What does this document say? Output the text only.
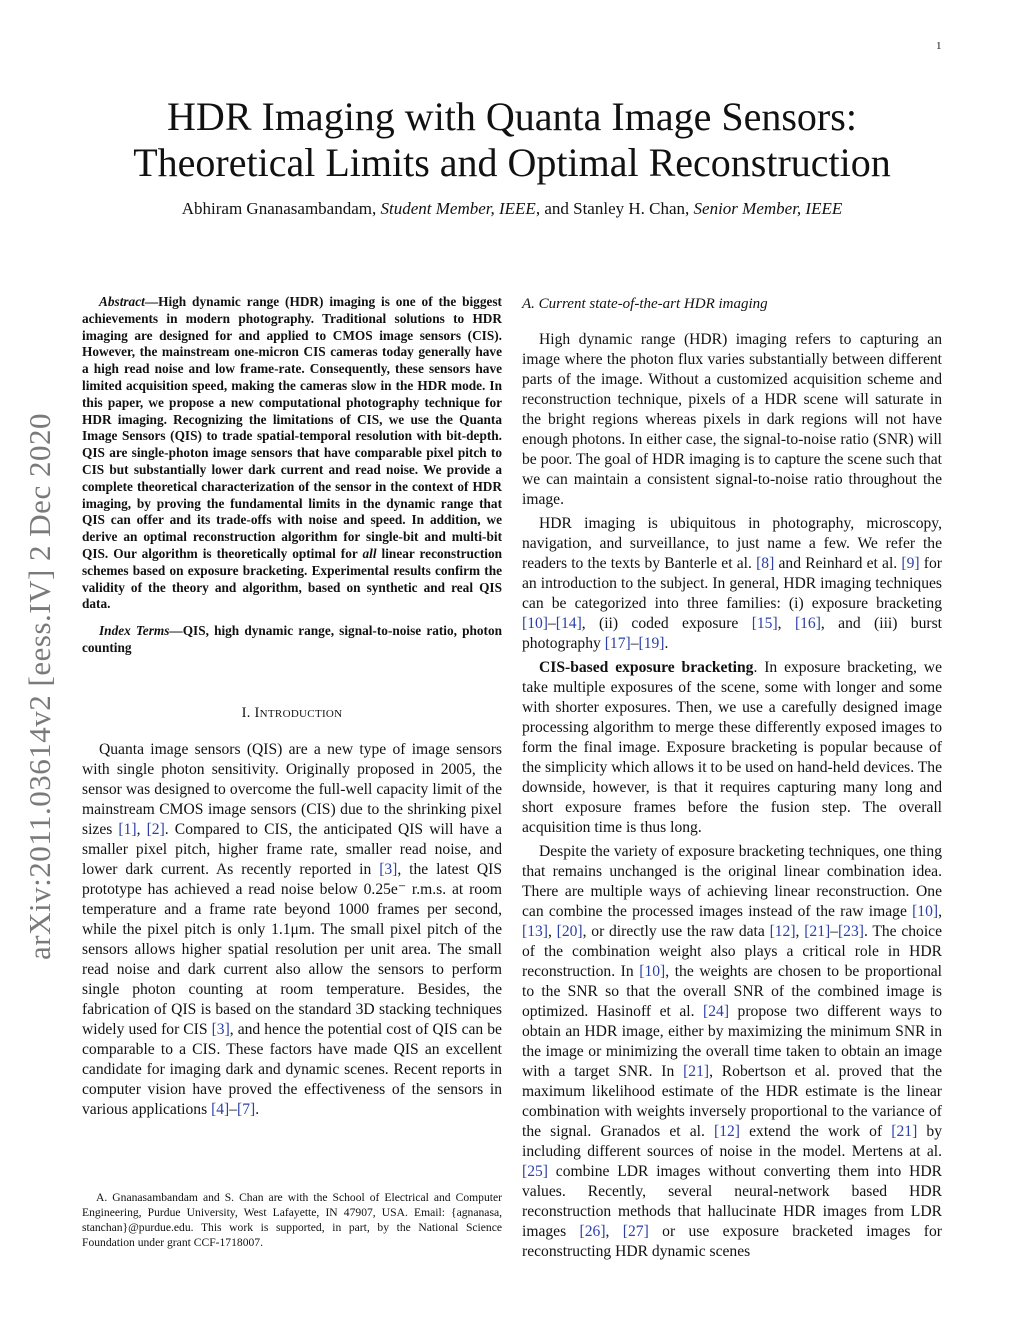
1
arXiv:2011.03614v2 [eess.IV] 2 Dec 2020
HDR Imaging with Quanta Image Sensors:
Theoretical Limits and Optimal Reconstruction
Abhiram Gnanasambandam, Student Member, IEEE, and Stanley H. Chan, Senior Member, IEEE

Abstract—High dynamic range (HDR) imaging is one of the biggest achievements in modern photography. Traditional solutions to HDR imaging are designed for and applied to CMOS image sensors (CIS). However, the mainstream one-micron CIS cameras today generally have a high read noise and low frame-rate. Consequently, these sensors have limited acquisition speed, making the cameras slow in the HDR mode. In this paper, we propose a new computational photography technique for HDR imaging. Recognizing the limitations of CIS, we use the Quanta Image Sensors (QIS) to trade spatial-temporal resolution with bit-depth. QIS are single-photon image sensors that have comparable pixel pitch to CIS but substantially lower dark current and read noise. We provide a complete theoretical characterization of the sensor in the context of HDR imaging, by proving the fundamental limits in the dynamic range that QIS can offer and its trade-offs with noise and speed. In addition, we derive an optimal reconstruction algorithm for single-bit and multi-bit QIS. Our algorithm is theoretically optimal for all linear reconstruction schemes based on exposure bracketing. Experimental results confirm the validity of the theory and algorithm, based on synthetic and real QIS data.

Index Terms—QIS, high dynamic range, signal-to-noise ratio, photon counting

I. INTRODUCTION

Quanta image sensors (QIS) are a new type of image sensors with single photon sensitivity. Originally proposed in 2005, the sensor was designed to overcome the full-well capacity limit of the mainstream CMOS image sensors (CIS) due to the shrinking pixel sizes [1], [2]. Compared to CIS, the anticipated QIS will have a smaller pixel pitch, higher frame rate, smaller read noise, and lower dark current. As recently reported in [3], the latest QIS prototype has achieved a read noise below 0.25e⁻ r.m.s. at room temperature and a frame rate beyond 1000 frames per second, while the pixel pitch is only 1.1μm. The small pixel pitch of the sensors allows higher spatial resolution per unit area. The small read noise and dark current also allow the sensors to perform single photon counting at room temperature. Besides, the fabrication of QIS is based on the standard 3D stacking techniques widely used for CIS [3], and hence the potential cost of QIS can be comparable to a CIS. These factors have made QIS an excellent candidate for imaging dark and dynamic scenes. Recent reports in computer vision have proved the effectiveness of the sensors in various applications [4]–[7].

A. Gnanasambandam and S. Chan are with the School of Electrical and Computer Engineering, Purdue University, West Lafayette, IN 47907, USA. Email: {agnanasa, stanchan}@purdue.edu. This work is supported, in part, by the National Science Foundation under grant CCF-1718007.
A. Current state-of-the-art HDR imaging

High dynamic range (HDR) imaging refers to capturing an image where the photon flux varies substantially between different parts of the image. Without a customized acquisition scheme and reconstruction technique, pixels of a HDR scene will saturate in the bright regions whereas pixels in dark regions will not have enough photons. In either case, the signal-to-noise ratio (SNR) will be poor. The goal of HDR imaging is to capture the scene such that we can maintain a consistent signal-to-noise ratio throughout the image.

HDR imaging is ubiquitous in photography, microscopy, navigation, and surveillance, to just name a few. We refer the readers to the texts by Banterle et al. [8] and Reinhard et al. [9] for an introduction to the subject. In general, HDR imaging techniques can be categorized into three families: (i) exposure bracketing [10]–[14], (ii) coded exposure [15], [16], and (iii) burst photography [17]–[19].

CIS-based exposure bracketing. In exposure bracketing, we take multiple exposures of the scene, some with longer and some with shorter exposures. Then, we use a carefully designed image processing algorithm to merge these differently exposed images to form the final image. Exposure bracketing is popular because of the simplicity which allows it to be used on hand-held devices. The downside, however, is that it requires capturing many long and short exposure frames before the fusion step. The overall acquisition time is thus long.

Despite the variety of exposure bracketing techniques, one thing that remains unchanged is the original linear combination idea. There are multiple ways of achieving linear reconstruction. One can combine the processed images instead of the raw image [10], [13], [20], or directly use the raw data [12], [21]–[23]. The choice of the combination weight also plays a critical role in HDR reconstruction. In [10], the weights are chosen to be proportional to the SNR so that the overall SNR of the combined image is optimized. Hasinoff et al. [24] propose two different ways to obtain an HDR image, either by maximizing the minimum SNR in the image or minimizing the overall time taken to obtain an image with a target SNR. In [21], Robertson et al. proved that the maximum likelihood estimate of the HDR estimate is the linear combination with weights inversely proportional to the variance of the signal. Granados et al. [12] extend the work of [21] by including different sources of noise in the model. Mertens at al. [25] combine LDR images without converting them into HDR values. Recently, several neural-network based HDR reconstruction methods that hallucinate HDR images from LDR images [26], [27] or use exposure bracketed images for reconstructing HDR dynamic scenes
